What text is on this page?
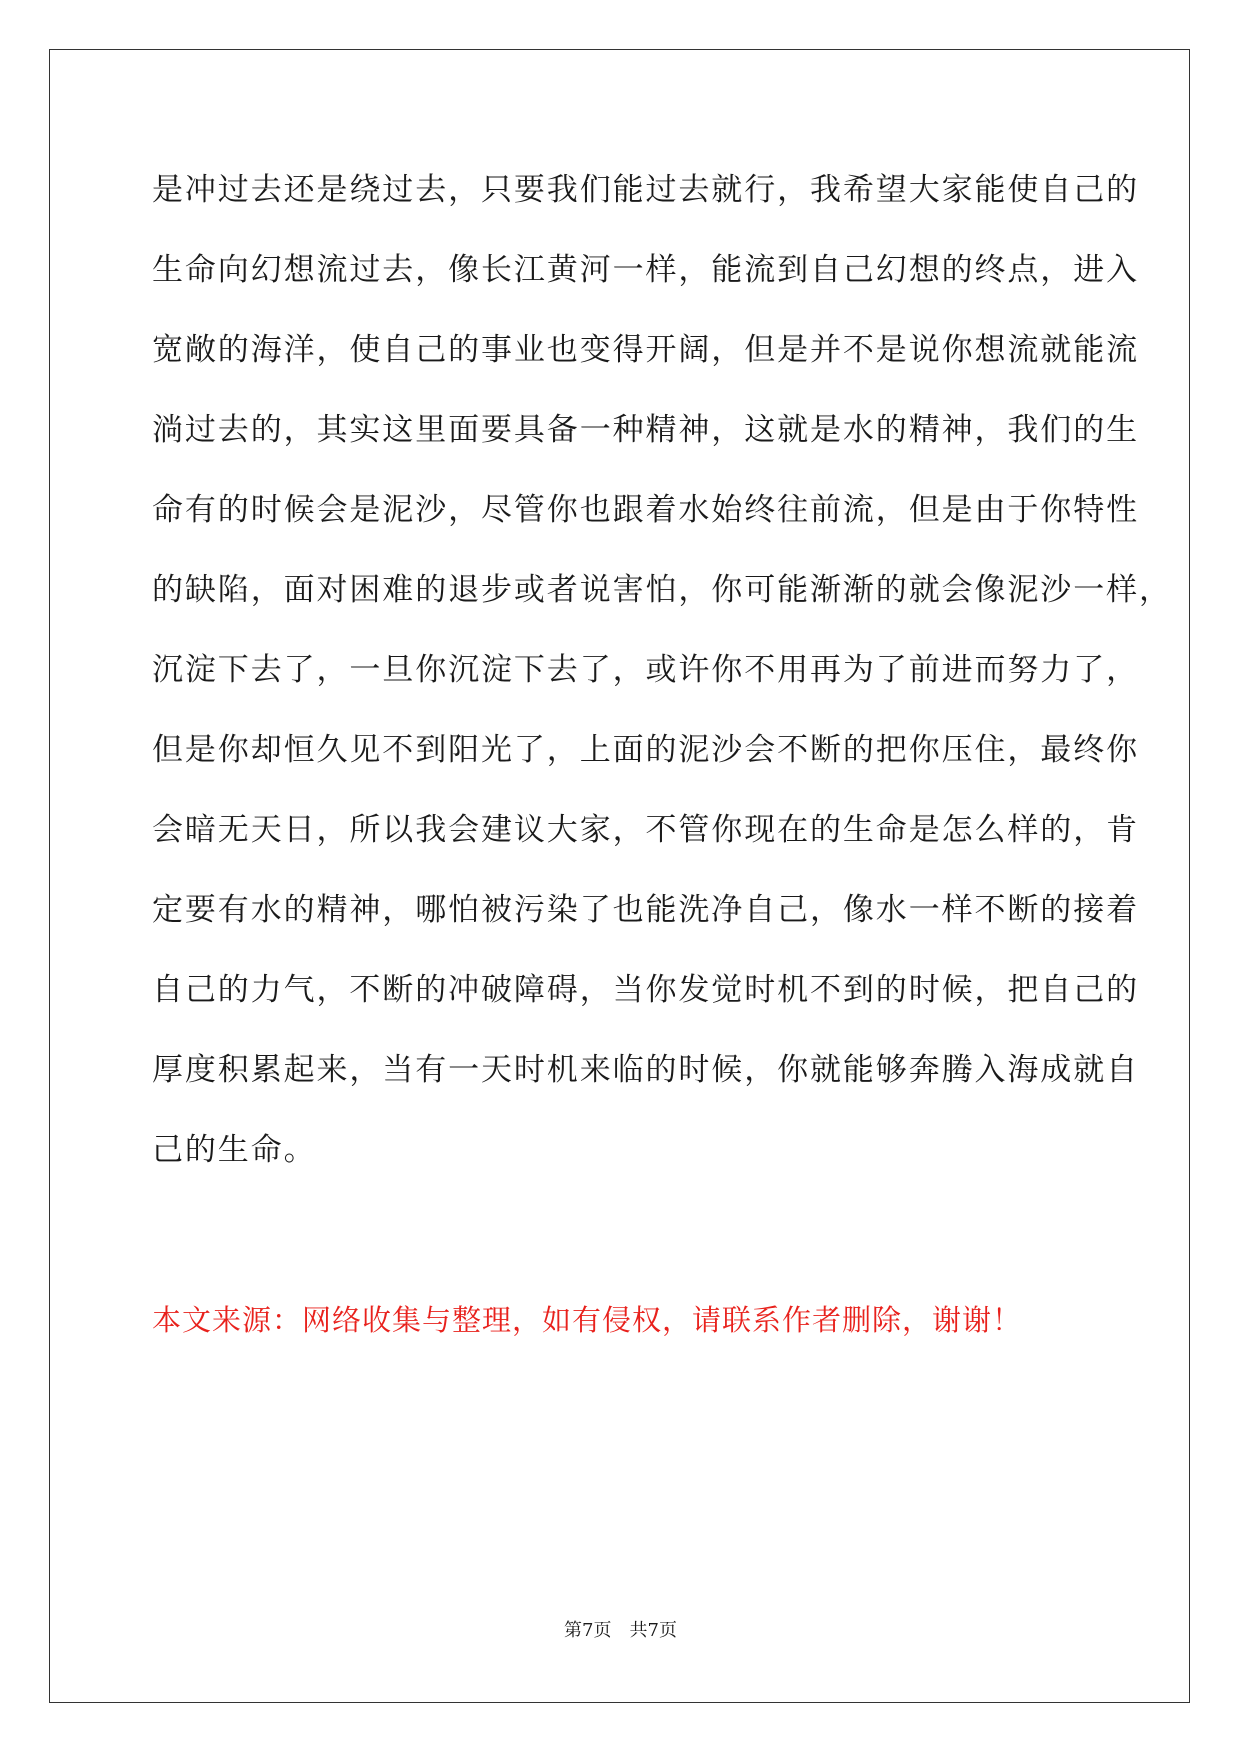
是冲过去还是绕过去，只要我们能过去就行，我希望大家能使自己的
生命向幻想流过去，像长江黄河一样，能流到自己幻想的终点，进入
宽敞的海洋，使自己的事业也变得开阔，但是并不是说你想流就能流
淌过去的，其实这里面要具备一种精神，这就是水的精神，我们的生
命有的时候会是泥沙，尽管你也跟着水始终往前流，但是由于你特性
的缺陷，面对困难的退步或者说害怕，你可能渐渐的就会像泥沙一样，
沉淀下去了，一旦你沉淀下去了，或许你不用再为了前进而努力了，
但是你却恒久见不到阳光了，上面的泥沙会不断的把你压住，最终你
会暗无天日，所以我会建议大家，不管你现在的生命是怎么样的，肯
定要有水的精神，哪怕被污染了也能洗净自己，像水一样不断的接着
自己的力气，不断的冲破障碍，当你发觉时机不到的时候，把自己的
厚度积累起来，当有一天时机来临的时候，你就能够奔腾入海成就自
己的生命。
本文来源：网络收集与整理，如有侵权，请联系作者删除，谢谢！
第7页　共7页
